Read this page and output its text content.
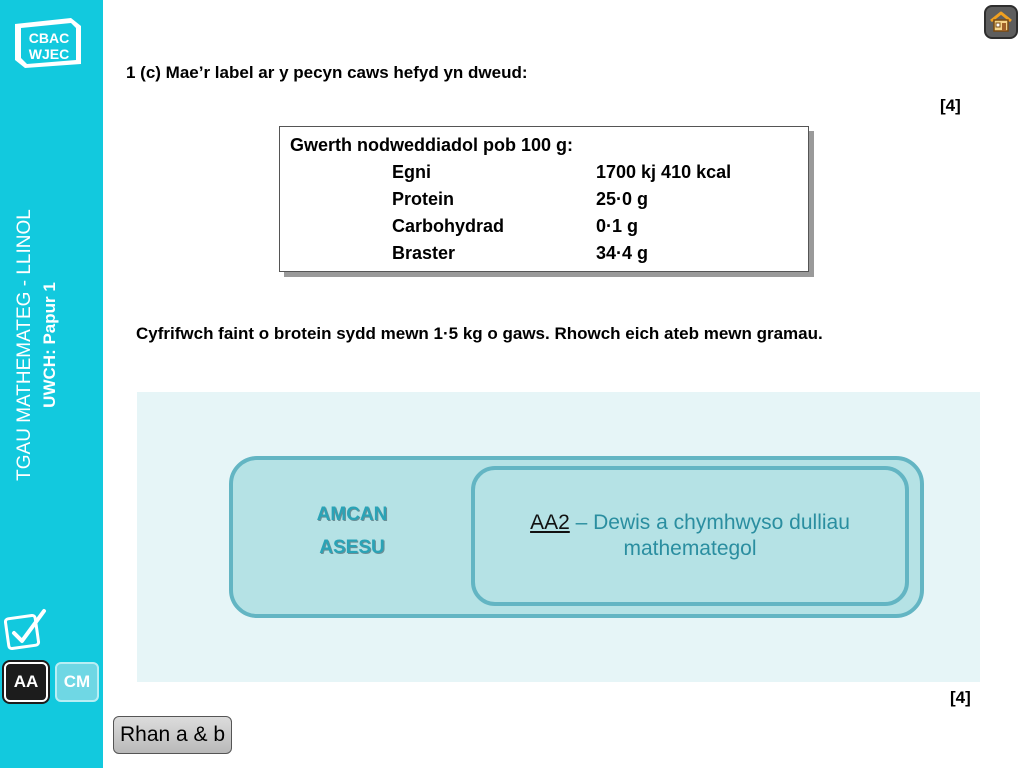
CBAC
WJEC
TGAU MATHEMATEG - LLINOL UWCH: Papur 1
AA	CM
1 (c) Mae’r label ar y pecyn caws hefyd yn dweud:
[4]
Gwerth nodweddiadol pob 100 g:
Egni	1700 kj 410 kcal
Protein	25·0 g
Carbohydrad	0·1 g
Braster	34·4 g
Cyfrifwch faint o brotein sydd mewn 1·5 kg o gaws. Rhowch eich ateb mewn gramau.
AMCAN
ASESU
AA2 – Dewis a chymhwyso dulliau mathemategol
[4]
Rhan a & b
